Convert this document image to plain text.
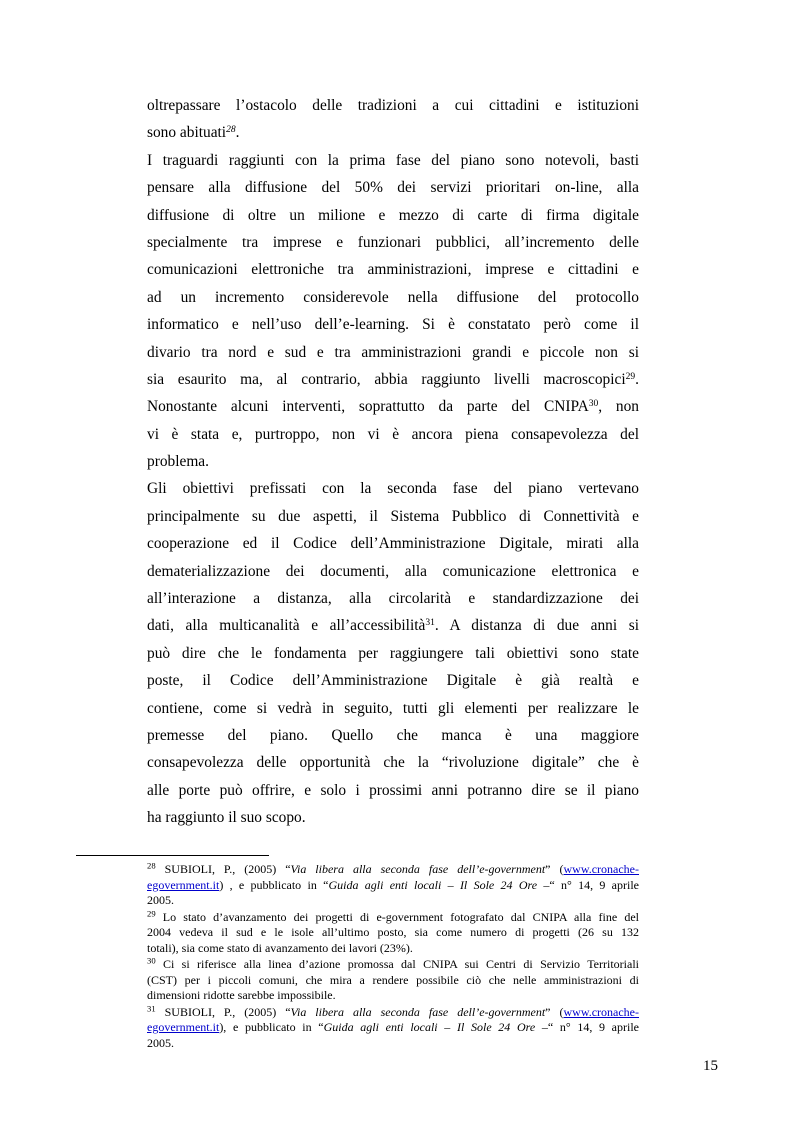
oltrepassare l’ostacolo delle tradizioni a cui cittadini e istituzioni
sono abituati$^{28}$.
I traguardi raggiunti con la prima fase del piano sono notevoli, basti
pensare alla diffusione del 50% dei servizi prioritari on-line, alla
diffusione di oltre un milione e mezzo di carte di firma digitale
specialmente tra imprese e funzionari pubblici, all’incremento delle
comunicazioni elettroniche tra amministrazioni, imprese e cittadini e
ad un incremento considerevole nella diffusione del protocollo
informatico e nell’uso dell’e-learning. Si è constatato però come il
divario tra nord e sud e tra amministrazioni grandi e piccole non si
sia esaurito ma, al contrario, abbia raggiunto livelli macroscopici$^{29}$.
Nonostante alcuni interventi, soprattutto da parte del CNIPA$^{30}$, non
vi è stata e, purtroppo, non vi è ancora piena consapevolezza del
problema.
Gli obiettivi prefissati con la seconda fase del piano vertevano
principalmente su due aspetti, il Sistema Pubblico di Connettività e
cooperazione ed il Codice dell’Amministrazione Digitale, mirati alla
dematerializzazione dei documenti, alla comunicazione elettronica e
all’interazione a distanza, alla circolarità e standardizzazione dei
dati, alla multicanalità e all’accessibilità$^{31}$. A distanza di due anni si
può dire che le fondamenta per raggiungere tali obiettivi sono state
poste, il Codice dell’Amministrazione Digitale è già realtà e
contiene, come si vedrà in seguito, tutti gli elementi per realizzare le
premesse del piano. Quello che manca è una maggiore
consapevolezza delle opportunità che la “rivoluzione digitale” che è
alle porte può offrire, e solo i prossimi anni potranno dire se il piano
ha raggiunto il suo scopo.
$^{28}$ SUBIOLI, P., (2005) “Via libera alla seconda fase dell’e-government” (www.cronache-
egovernment.it) , e pubblicato in “Guida agli enti locali – Il Sole 24 Ore –“ n° 14, 9 aprile
2005.
$^{29}$ Lo stato d’avanzamento dei progetti di e-government fotografato dal CNIPA alla fine del
2004 vedeva il sud e le isole all’ultimo posto, sia come numero di progetti (26 su 132
totali), sia come stato di avanzamento dei lavori (23%).
$^{30}$ Ci si riferisce alla linea d’azione promossa dal CNIPA sui Centri di Servizio Territoriali
(CST) per i piccoli comuni, che mira a rendere possibile ciò che nelle amministrazioni di
dimensioni ridotte sarebbe impossibile.
$^{31}$ SUBIOLI, P., (2005) “Via libera alla seconda fase dell’e-government” (www.cronache-
egovernment.it), e pubblicato in “Guida agli enti locali – Il Sole 24 Ore –“ n° 14, 9 aprile
2005.
15
